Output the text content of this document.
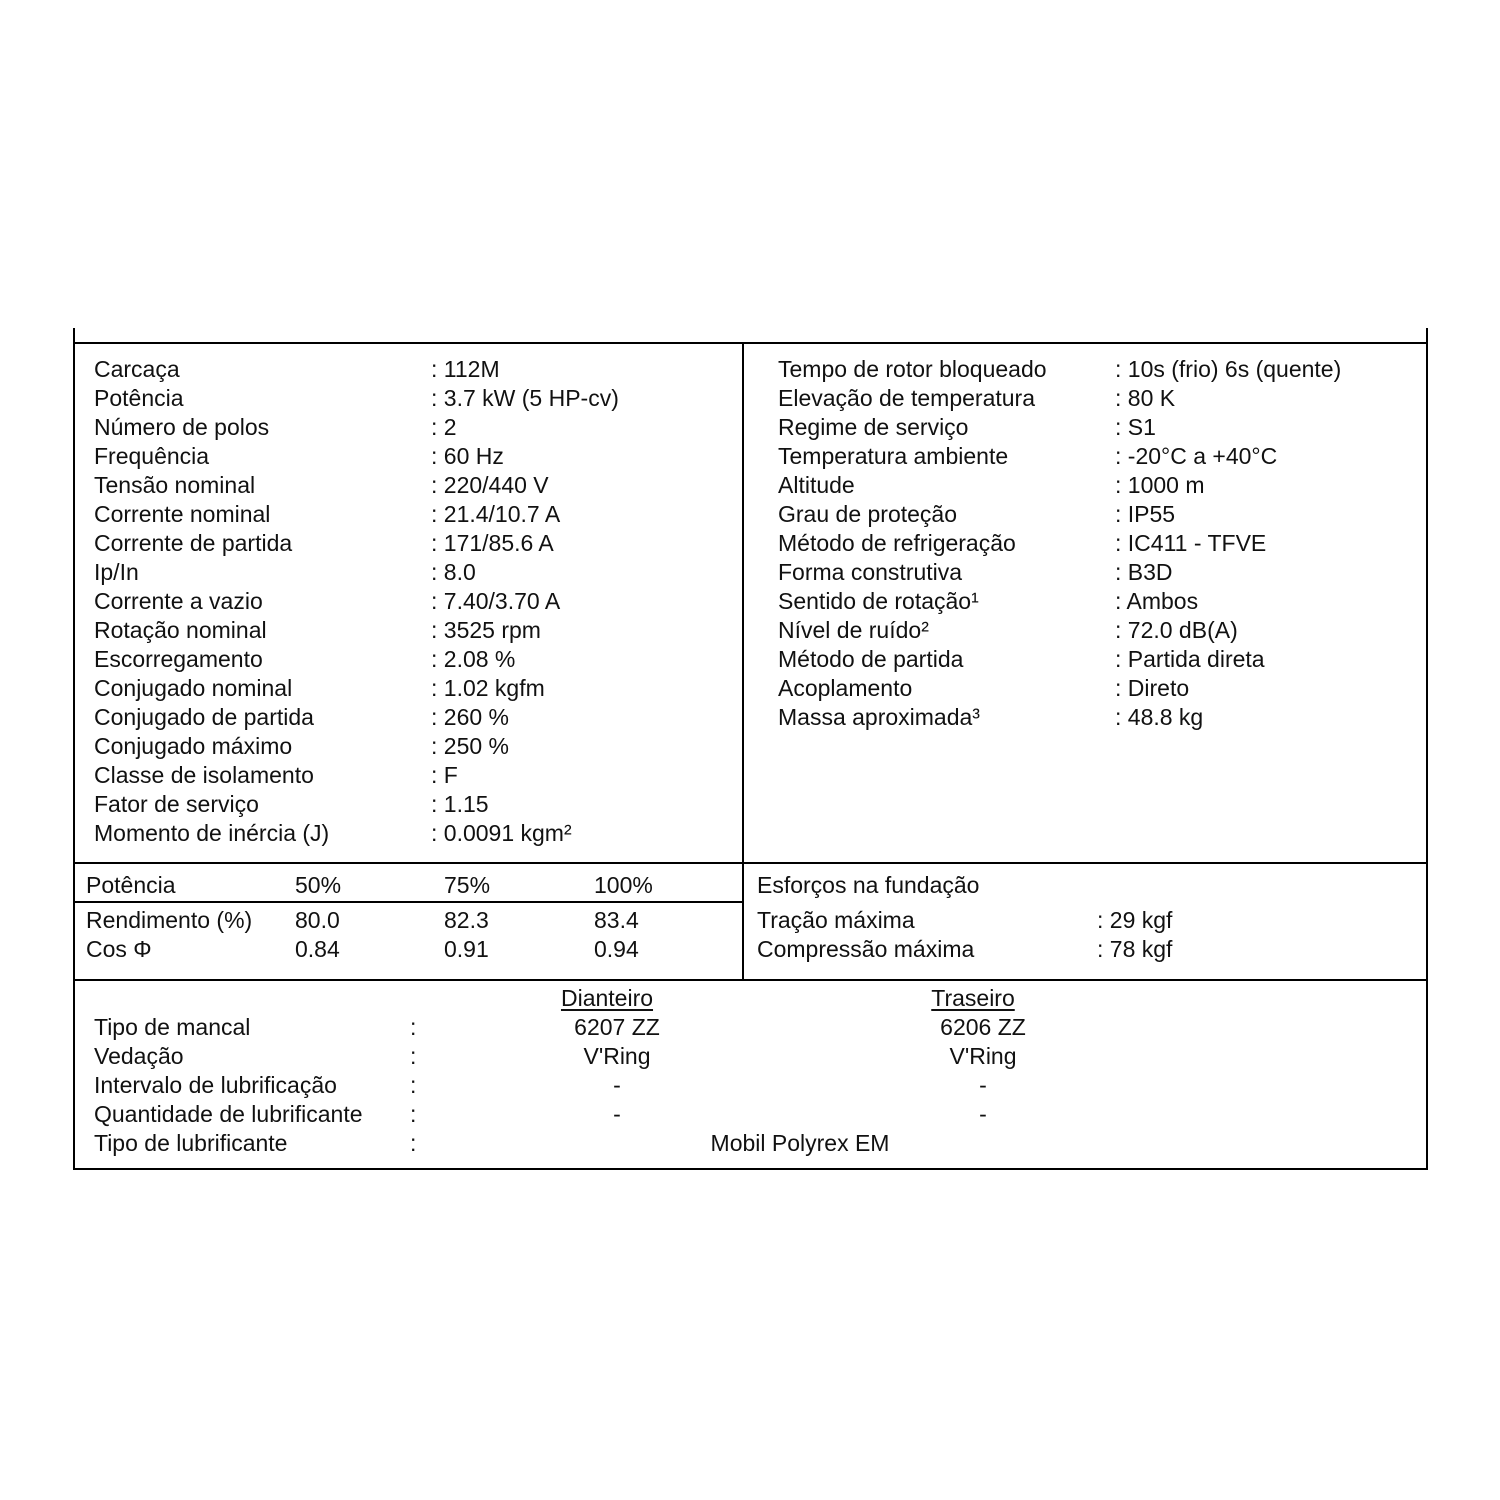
Carcaça	: 112M
Potência	: 3.7 kW (5 HP-cv)
Número de polos	: 2
Frequência	: 60 Hz
Tensão nominal	: 220/440 V
Corrente nominal	: 21.4/10.7 A
Corrente de partida	: 171/85.6 A
Ip/In	: 8.0
Corrente a vazio	: 7.40/3.70 A
Rotação nominal	: 3525 rpm
Escorregamento	: 2.08 %
Conjugado nominal	: 1.02 kgfm
Conjugado de partida	: 260 %
Conjugado máximo	: 250 %
Classe de isolamento	: F
Fator de serviço	: 1.15
Momento de inércia (J)	: 0.0091 kgm²
Tempo de rotor bloqueado	: 10s (frio) 6s (quente)
Elevação de temperatura	: 80 K
Regime de serviço	: S1
Temperatura ambiente	: -20°C a +40°C
Altitude	: 1000 m
Grau de proteção	: IP55
Método de refrigeração	: IC411 - TFVE
Forma construtiva	: B3D
Sentido de rotação¹	: Ambos
Nível de ruído²	: 72.0 dB(A)
Método de partida	: Partida direta
Acoplamento	: Direto
Massa aproximada³	: 48.8 kg
Potência	50%	75%	100%
Rendimento (%) 80.0	82.3	83.4
Cos Φ	0.84	0.91	0.94
Esforços na fundação
Tração máxima	: 29 kgf
Compressão máxima	: 78 kgf
Dianteiro	Traseiro
Tipo de mancal	:	6207 ZZ	6206 ZZ
Vedação	:	V'Ring	V'Ring
Intervalo de lubrificação	:	-	-
Quantidade de lubrificante :	-	-
Tipo de lubrificante	:	Mobil Polyrex EM
